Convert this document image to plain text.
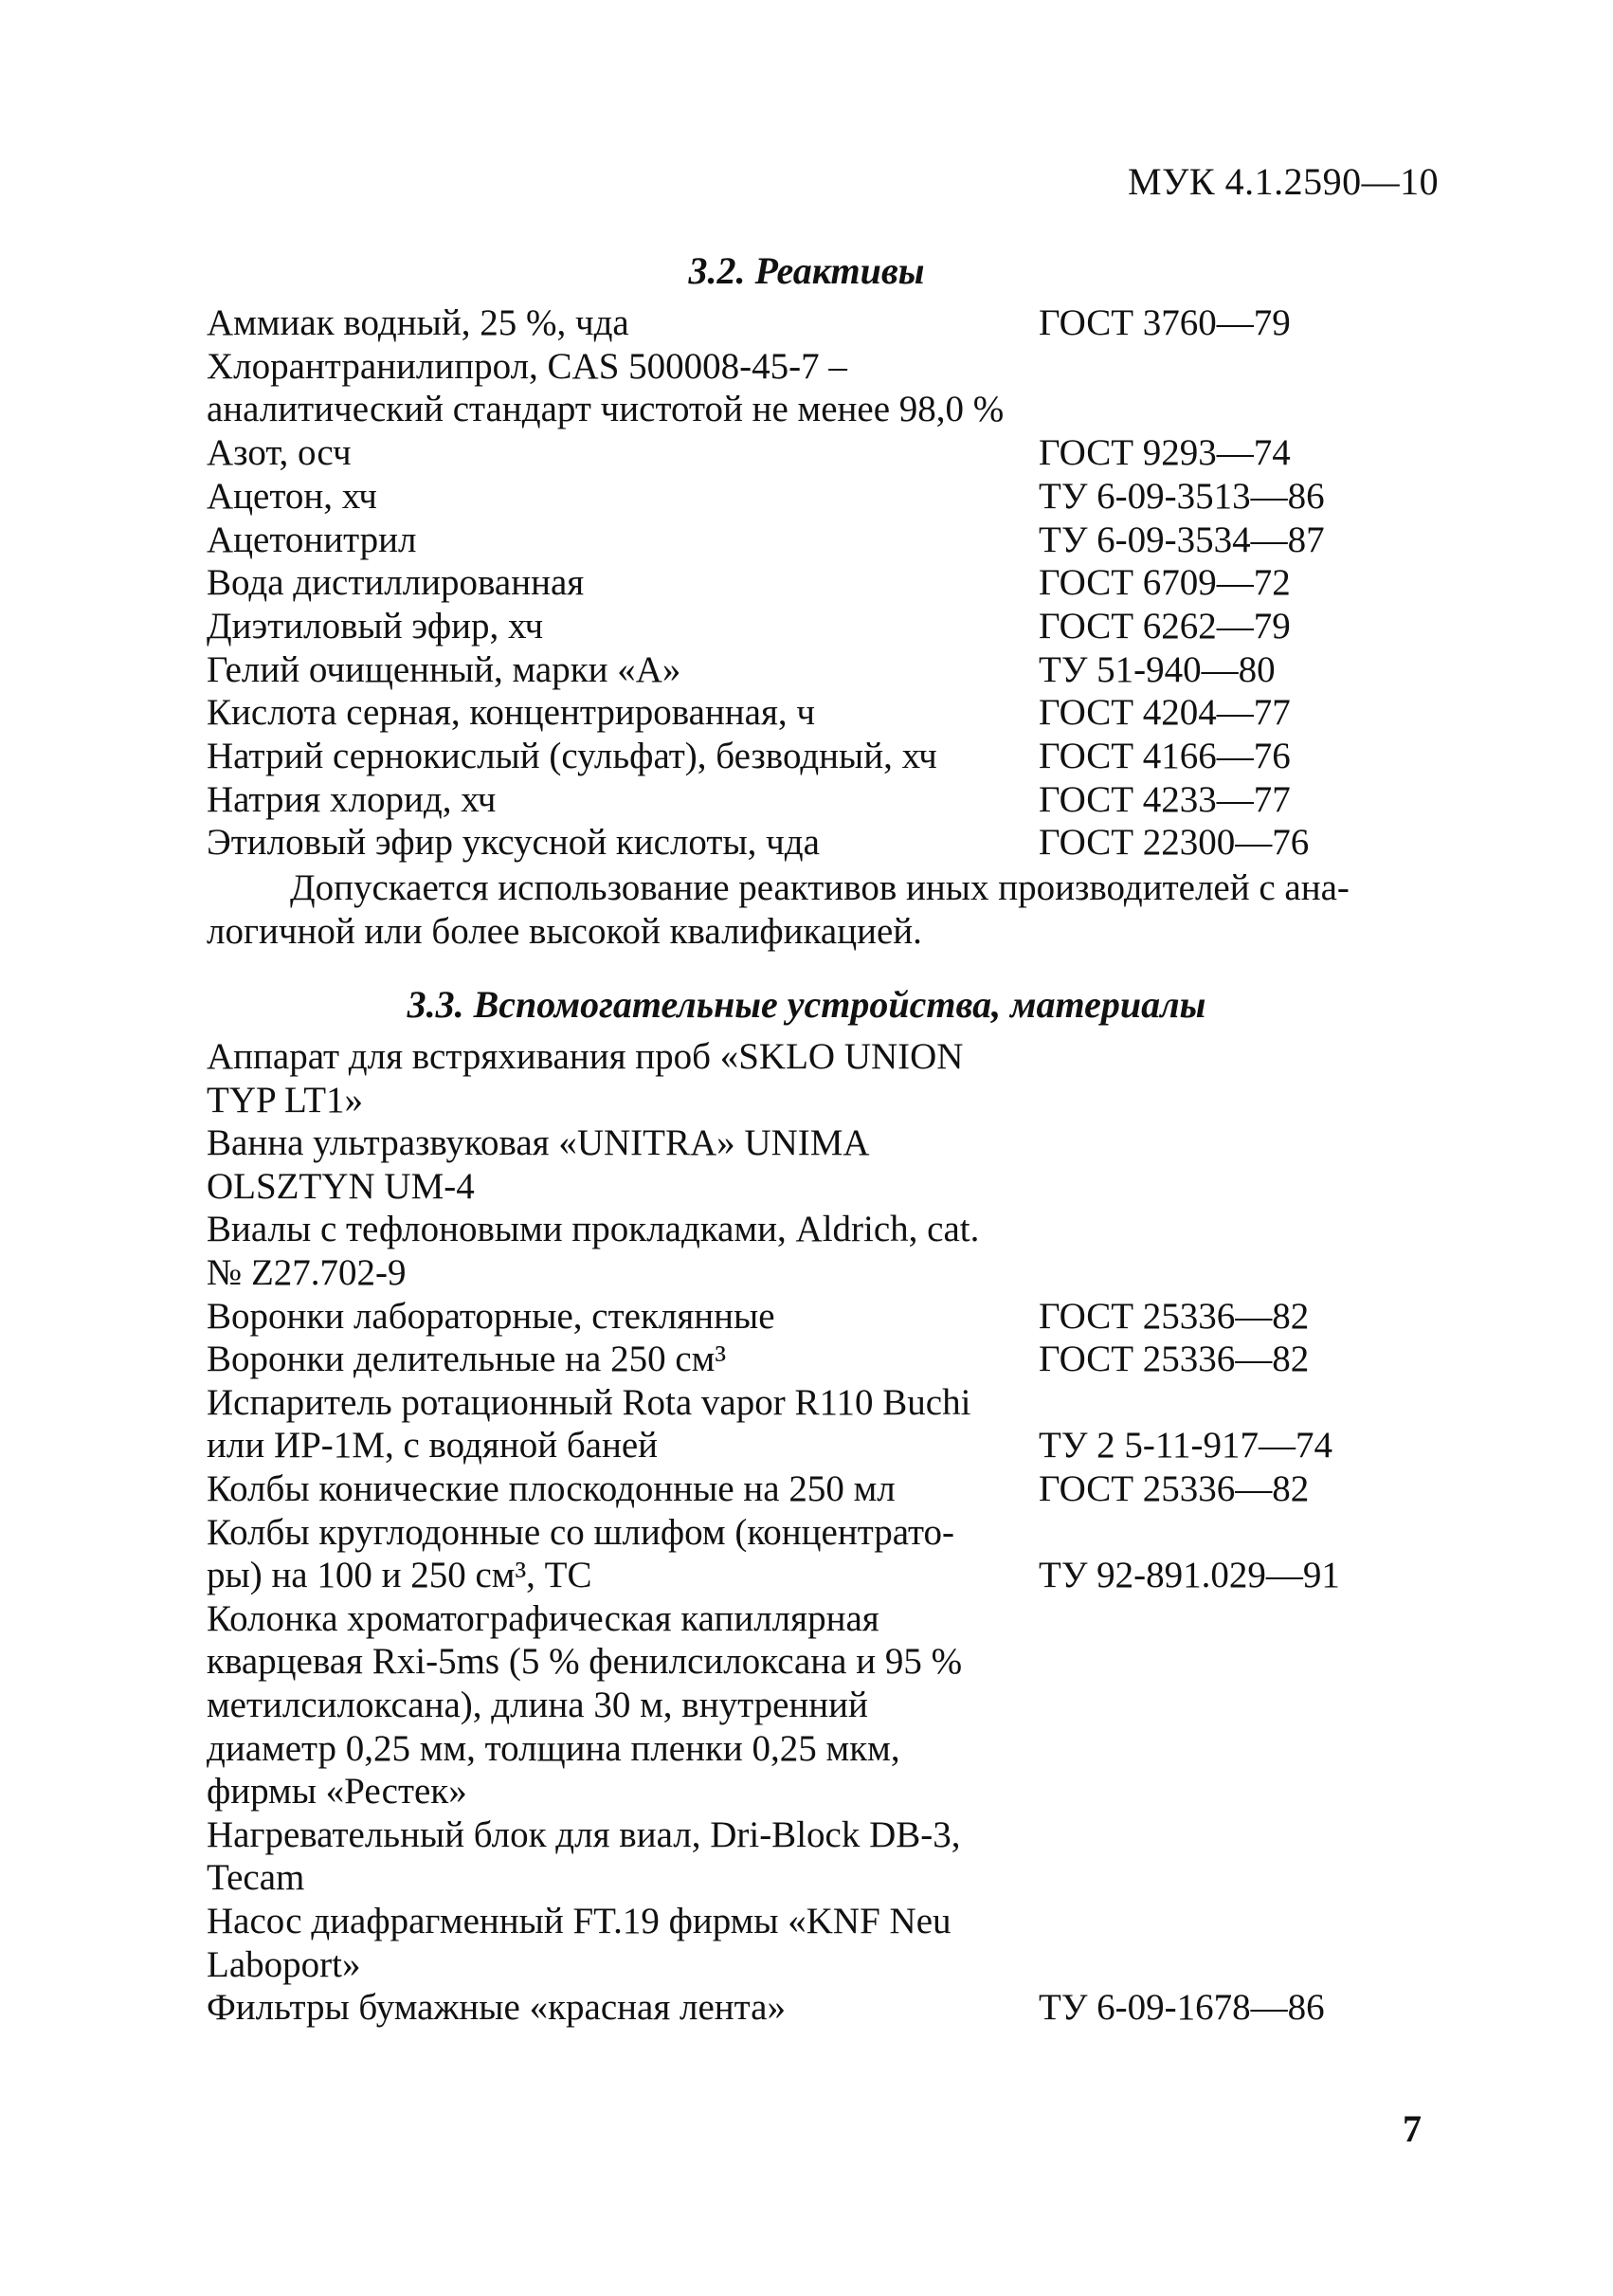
МУК 4.1.2590—10
3.2. Реактивы
Аммиак водный, 25 %, чда	ГОСТ 3760—79
Хлорантранилипрол, CAS 500008-45-7 –
аналитический стандарт чистотой не менее 98,0 %
Азот, осч	ГОСТ 9293—74
Ацетон, хч	ТУ 6-09-3513—86
Ацетонитрил	ТУ 6-09-3534—87
Вода дистиллированная	ГОСТ 6709—72
Диэтиловый эфир, хч	ГОСТ 6262—79
Гелий очищенный, марки «А»	ТУ 51-940—80
Кислота серная, концентрированная, ч	ГОСТ 4204—77
Натрий сернокислый (сульфат), безводный, хч	ГОСТ 4166—76
Натрия хлорид, хч	ГОСТ 4233—77
Этиловый эфир уксусной кислоты, чда	ГОСТ 22300—76
Допускается использование реактивов иных производителей с ана-
логичной или более высокой квалификацией.
3.3. Вспомогательные устройства, материалы
Аппарат для встряхивания проб «SKLO UNION
TYP LT1»
Ванна ультразвуковая «UNITRA» UNIMA
OLSZTYN UM-4
Виалы с тефлоновыми прокладками, Aldrich, cat.
№ Z27.702-9
Воронки лабораторные, стеклянные	ГОСТ 25336—82
Воронки делительные на 250 см³	ГОСТ 25336—82
Испаритель ротационный Rota vapor R110 Buchi
или ИР-1М, с водяной баней	ТУ 2 5-11-917—74
Колбы конические плоскодонные на 250 мл	ГОСТ 25336—82
Колбы круглодонные со шлифом (концентрато-
ры) на 100 и 250 см³, ТС	ТУ 92-891.029—91
Колонка хроматографическая капиллярная
кварцевая Rxi-5ms (5 % фенилсилоксана и 95 %
метилсилоксана), длина 30 м, внутренний
диаметр 0,25 мм, толщина пленки 0,25 мкм,
фирмы «Рестек»
Нагревательный блок для виал, Dri-Block DB-3,
Tecam
Насос диафрагменный FT.19 фирмы «KNF Neu
Laboport»
Фильтры бумажные «красная лента»	ТУ 6-09-1678—86
7
